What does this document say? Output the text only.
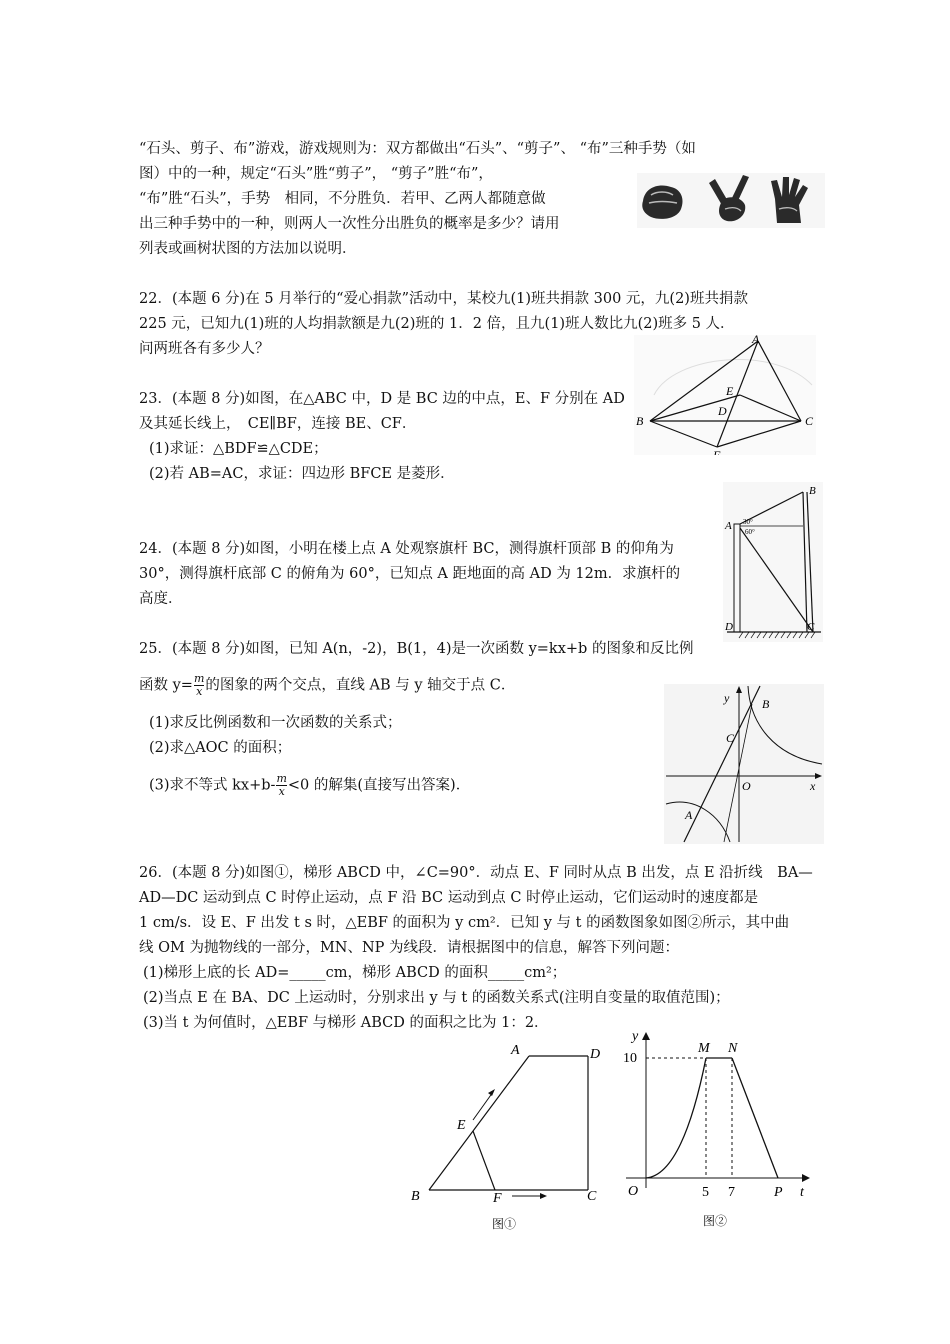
“石头、剪子、布”游戏，游戏规则为：双方都做出“石头”、“剪子”、 “布”三种手势（如
图）中的一种，规定“石头”胜“剪子”， “剪子”胜“布”，
“布”胜“石头”，手势　相同，不分胜负．若甲、乙两人都随意做
出三种手势中的一种，则两人一次性分出胜负的概率是多少？请用
列表或画树状图的方法加以说明．
22．(本题 6 分)在 5 月举行的“爱心捐款”活动中，某校九(1)班共捐款 300 元，九(2)班共捐款
225 元，已知九(1)班的人均捐款额是九(2)班的 1．2 倍，且九(1)班人数比九(2)班多 5 人．
问两班各有多少人？
23．(本题 8 分)如图，在△ABC 中，D 是 BC 边的中点，E、F 分别在 AD
及其延长线上，　CE∥BF，连接 BE、CF．
(1)求证：△BDF≌△CDE；
(2)若 AB=AC，求证：四边形 BFCE 是菱形．
A
B	C
D
E
F
24．(本题 8 分)如图，小明在楼上点 A 处观察旗杆 BC，测得旗杆顶部 B 的仰角为
30°，测得旗杆底部 C 的俯角为 60°，已知点 A 距地面的高 AD 为 12m．求旗杆的
高度．
A
B
C
D
30°
60°
25．(本题 8 分)如图，已知 A(n，-2)，B(1，4)是一次函数 y=kx+b 的图象和反比例
函数 $y= \frac{m}{x}$ 的图象的两个交点，直线 AB 与 y 轴交于点 C．
(1)求反比例函数和一次函数的关系式；
(2)求△AOC 的面积；
(3)求不等式 $kx+b- \frac{m}{x} <0$ 的解集(直接写出答案)．
y
x
O
A
B
C
26．(本题 8 分)如图①，梯形 ABCD 中，∠C=90°．动点 E、F 同时从点 B 出发，点 E 沿折线　BA—
AD—DC 运动到点 C 时停止运动，点 F 沿 BC 运动到点 C 时停止运动，它们运动时的速度都是
1 cm/s．设 E、F 出发 t s 时，△EBF 的面积为 y cm²．已知 y 与 t 的函数图象如图②所示，其中曲
线 OM 为抛物线的一部分，MN、NP 为线段．请根据图中的信息，解答下列问题：
(1)梯形上底的长 AD=_____cm，梯形 ABCD 的面积_____cm²；
(2)当点 E 在 BA、DC 上运动时，分别求出 y 与 t 的函数关系式(注明自变量的取值范围)；
(3)当 t 为何值时，△EBF 与梯形 ABCD 的面积之比为 1：2．
A	D
B	C
E
F
图①
y
10
M N
O	5 7	P t
图②
